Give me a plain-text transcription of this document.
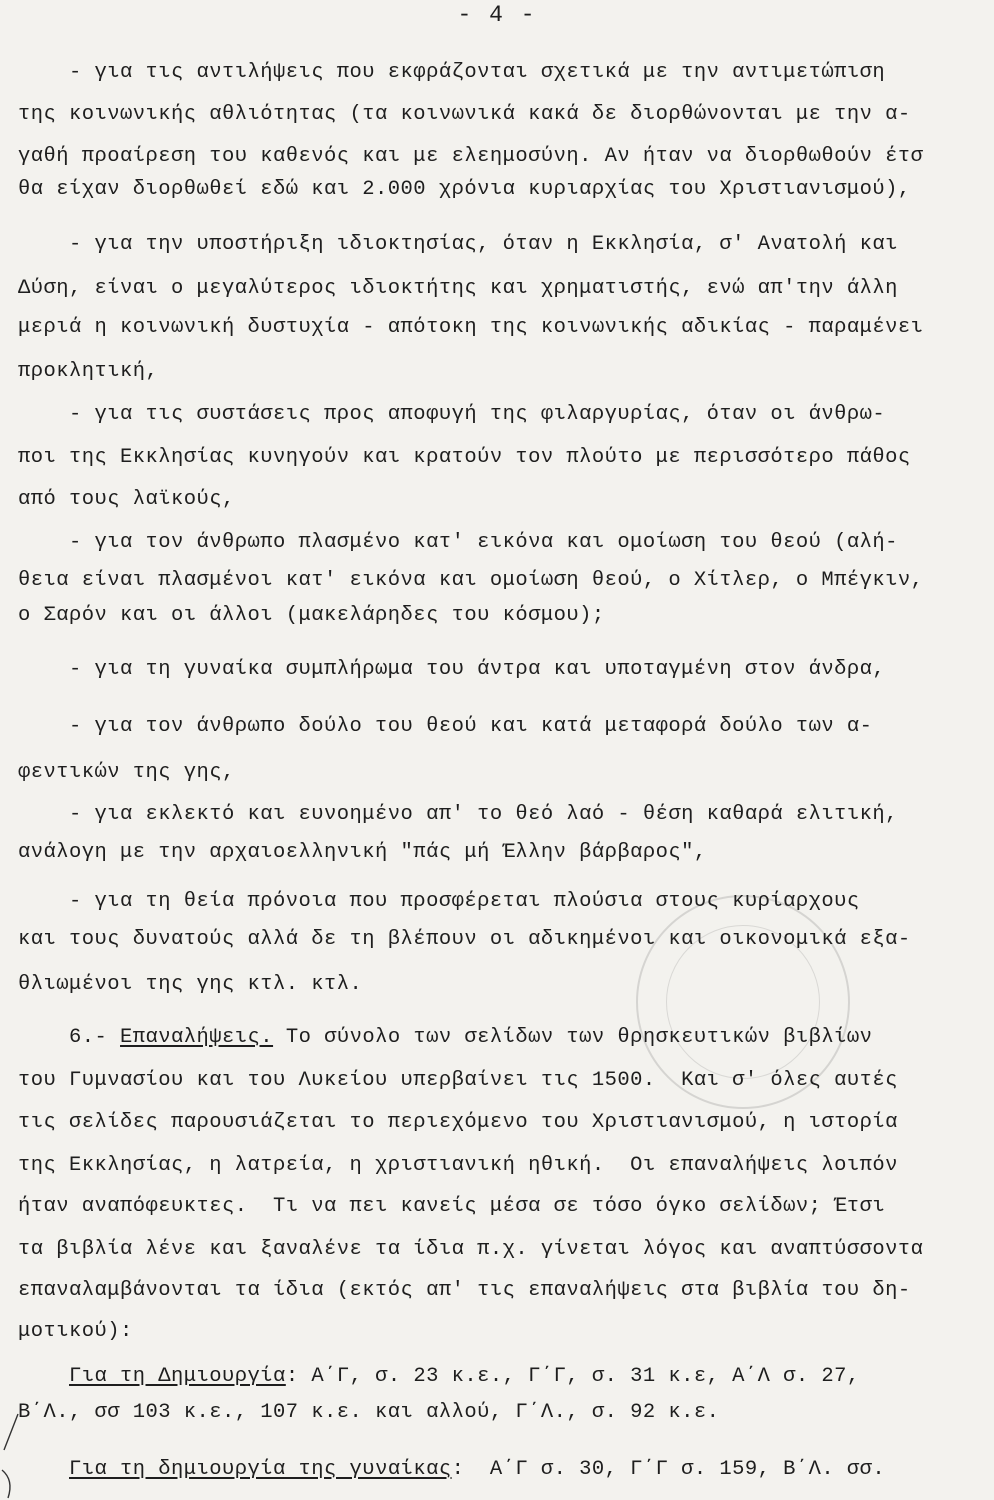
- 4 -
- για τις αντιλήψεις που εκφράζονται σχετικά με την αντιμετώπιση
της κοινωνικής αθλιότητας (τα κοινωνικά κακά δε διορθώνονται με την α-
γαθή προαίρεση του καθενός και με ελεημοσύνη. Αν ήταν να διορθωθούν έτσ
θα είχαν διορθωθεί εδώ και 2.000 χρόνια κυριαρχίας του Χριστιανισμού),
- για την υποστήριξη ιδιοκτησίας, όταν η Εκκλησία, σ' Ανατολή και
Δύση, είναι ο μεγαλύτερος ιδιοκτήτης και χρηματιστής, ενώ απ'την άλλη
μεριά η κοινωνική δυστυχία - απότοκη της κοινωνικής αδικίας - παραμένει
προκλητική,
- για τις συστάσεις προς αποφυγή της φιλαργυρίας, όταν οι άνθρω-
ποι της Εκκλησίας κυνηγούν και κρατούν τον πλούτο με περισσότερο πάθος
από τους λαϊκούς,
- για τον άνθρωπο πλασμένο κατ' εικόνα και ομοίωση του θεού (αλή-
θεια είναι πλασμένοι κατ' εικόνα και ομοίωση θεού, ο Χίτλερ, ο Μπέγκιν,
ο Σαρόν και οι άλλοι (μακελάρηδες του κόσμου);
- για τη γυναίκα συμπλήρωμα του άντρα και υποταγμένη στον άνδρα,
- για τον άνθρωπο δούλο του θεού και κατά μεταφορά δούλο των α-
φεντικών της γης,
- για εκλεκτό και ευνοημένο απ' το θεό λαό - θέση καθαρά ελιτική,
ανάλογη με την αρχαιοελληνική "πάς μή Έλλην βάρβαρος",
- για τη θεία πρόνοια που προσφέρεται πλούσια στους κυρίαρχους
και τους δυνατούς αλλά δε τη βλέπουν οι αδικημένοι και οικονομικά εξα-
θλιωμένοι της γης κτλ. κτλ.
6.- Επαναλήψεις. Το σύνολο των σελίδων των θρησκευτικών βιβλίων
του Γυμνασίου και του Λυκείου υπερβαίνει τις 1500.  Και σ' όλες αυτές
τις σελίδες παρουσιάζεται το περιεχόμενο του Χριστιανισμού, η ιστορία
της Εκκλησίας, η λατρεία, η χριστιανική ηθική.  Οι επαναλήψεις λοιπόν
ήταν αναπόφευκτες.  Τι να πει κανείς μέσα σε τόσο όγκο σελίδων; Έτσι
τα βιβλία λένε και ξαναλένε τα ίδια π.χ. γίνεται λόγος και αναπτύσσοντα
επαναλαμβάνονται τα ίδια (εκτός απ' τις επαναλήψεις στα βιβλία του δη-
μοτικού):
Για τη Δημιουργία: Α΄Γ, σ. 23 κ.ε., Γ΄Γ, σ. 31 κ.ε, Α΄Λ σ. 27,
Β΄Λ., σσ 103 κ.ε., 107 κ.ε. και αλλού, Γ΄Λ., σ. 92 κ.ε.
Για τη δημιουργία της γυναίκας:  Α΄Γ σ. 30, Γ΄Γ σ. 159, Β΄Λ. σσ.
